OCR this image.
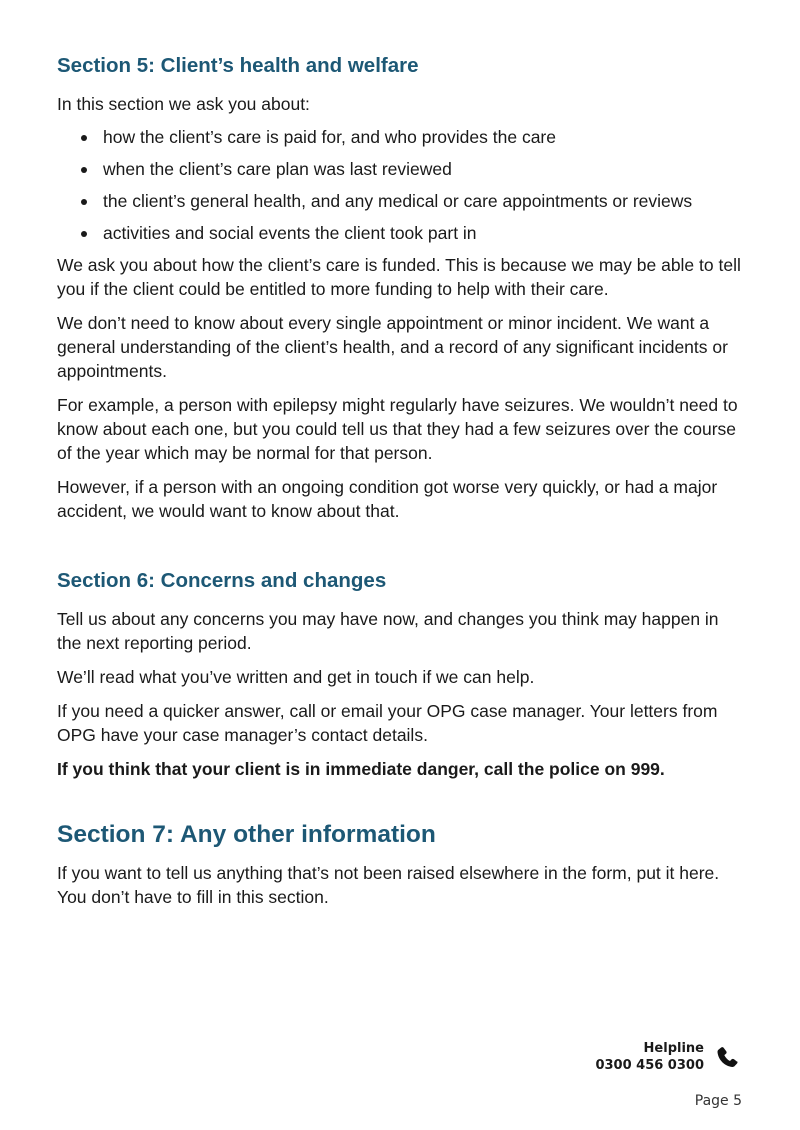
Section 5: Client’s health and welfare

In this section we ask you about:

how the client’s care is paid for, and who provides the care
when the client’s care plan was last reviewed
the client’s general health, and any medical or care appointments or reviews
activities and social events the client took part in

We ask you about how the client’s care is funded. This is because we may be able to tell you if the client could be entitled to more funding to help with their care.

We don’t need to know about every single appointment or minor incident. We want a general understanding of the client’s health, and a record of any significant incidents or appointments.

For example, a person with epilepsy might regularly have seizures. We wouldn’t need to know about each one, but you could tell us that they had a few seizures over the course of the year which may be normal for that person.

However, if a person with an ongoing condition got worse very quickly, or had a major accident, we would want to know about that.

Section 6: Concerns and changes

Tell us about any concerns you may have now, and changes you think may happen in the next reporting period.

We’ll read what you’ve written and get in touch if we can help.

If you need a quicker answer, call or email your OPG case manager. Your letters from OPG have your case manager’s contact details.

If you think that your client is in immediate danger, call the police on 999.

Section 7: Any other information

If you want to tell us anything that’s not been raised elsewhere in the form, put it here. You don’t have to fill in this section.

Helpline
0300 456 0300
Page 5
